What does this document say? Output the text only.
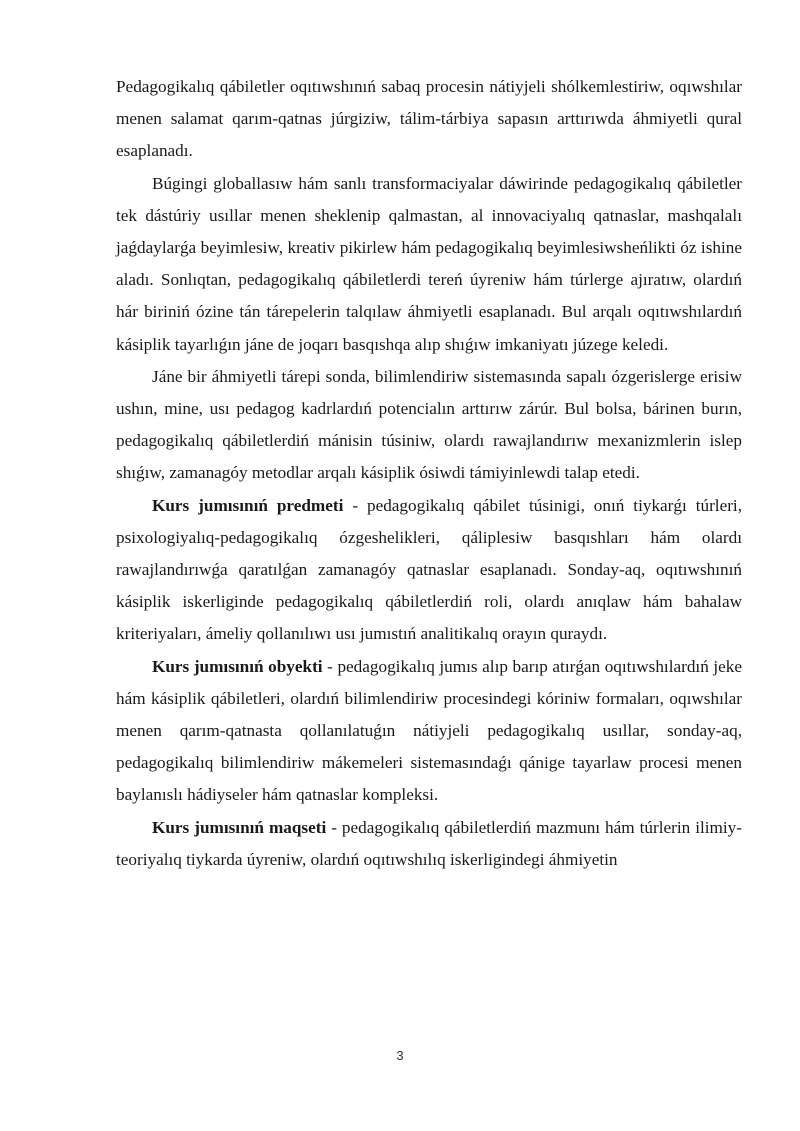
Pedagogikalıq qábiletler oqıtıwshınıń sabaq procesin nátiyjeli shólkemlestiriw, oqıwshılar menen salamat qarım-qatnas júrgiziw, tálim-tárbiya sapasın arttırıwda áhmiyetli qural esaplanadı.

Búgingi globallasıw hám sanlı transformaciyalar dáwirinde pedagogikalıq qábiletler tek dástúriy usıllar menen sheklenip qalmastan, al innovaciyalıq qatnaslar, mashqalalı jaǵdaylarǵa beyimlesiw, kreativ pikirlew hám pedagogikalıq beyimlesiwsheńlikti óz ishine aladı. Sonlıqtan, pedagogikalıq qábiletlerdi tereń úyreniw hám túrlerge ajıratıw, olardıń hár biriniń ózine tán tárepelerin talqılaw áhmiyetli esaplanadı. Bul arqalı oqıtıwshılardıń kásiplik tayarlıǵın jáne de joqarı basqıshqa alıp shıǵıw imkaniyatı júzege keledi.

Jáne bir áhmiyetli tárepi sonda, bilimlendiriw sistemasında sapalı ózgerislerge erisiw ushın, mine, usı pedagog kadrlardıń potencialın arttırıw zárúr. Bul bolsa, bárinen burın, pedagogikalıq qábiletlerdiń mánisin túsiniw, olardı rawajlandırıw mexanizmlerin islep shıǵıw, zamanagóy metodlar arqalı kásiplik ósiwdi támiyinlewdi talap etedi.

Kurs jumısınıń predmeti - pedagogikalıq qábilet túsinigi, onıń tiykarǵı túrleri, psixologiyalıq-pedagogikalıq ózgeshelikleri, qáliplesiw basqıshları hám olardı rawajlandırıwǵa qaratılǵan zamanagóy qatnaslar esaplanadı. Sonday-aq, oqıtıwshınıń kásiplik iskerliginde pedagogikalıq qábiletlerdiń roli, olardı anıqlaw hám bahalaw kriteriyaları, ámeliy qollanılıwı usı jumıstıń analitikalıq orayın quraydı.

Kurs jumısınıń obyekti - pedagogikalıq jumıs alıp barıp atırǵan oqıtıwshılardıń jeke hám kásiplik qábiletleri, olardıń bilimlendiriw procesindegi kóriniw formaları, oqıwshılar menen qarım-qatnasta qollanılatuǵın nátiyjeli pedagogikalıq usıllar, sonday-aq, pedagogikalıq bilimlendiriw mákemeleri sistemasındaǵı qánige tayarlaw procesi menen baylanıslı hádiyseler hám qatnaslar kompleksi.

Kurs jumısınıń maqseti - pedagogikalıq qábiletlerdiń mazmunı hám túrlerin ilimiy-teoriyalıq tiykarda úyreniw, olardıń oqıtıwshılıq iskerligindegi áhmiyetin

3
